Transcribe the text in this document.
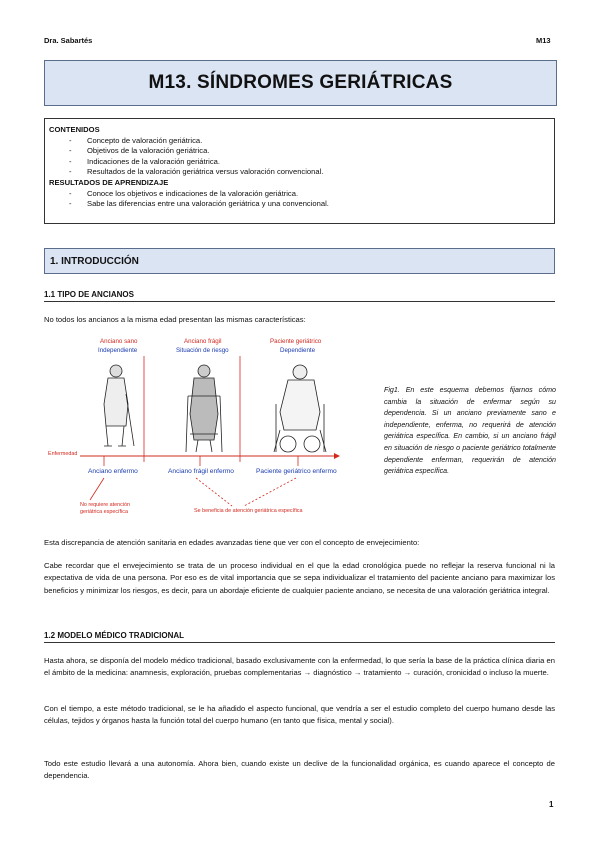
Dra. Sabartés	M13
M13. SÍNDROMES GERIÁTRICAS
CONTENIDOS
- Concepto de valoración geriátrica.
- Objetivos de la valoración geriátrica.
- Indicaciones de la valoración geriátrica.
- Resultados de la valoración geriátrica versus valoración convencional.
RESULTADOS DE APRENDIZAJE
- Conoce los objetivos e indicaciones de la valoración geriátrica.
- Sabe las diferencias entre una valoración geriátrica y una convencional.
1. INTRODUCCIÓN
1.1 TIPO DE ANCIANOS
No todos los ancianos a la misma edad presentan las mismas características:
Anciano sano
Independiente
Anciano frágil
Situación de riesgo
Paciente geriátrico
Dependiente
Enfermedad
Anciano enfermo	Anciano frágil enfermo	Paciente geriátrico enfermo
No requiere atención
geriátrica específica	Se beneficia de atención geriátrica específica
Fig1. En este esquema debemos fijarnos cómo cambia la situación de enfermar según su dependencia. Si un anciano previamente sano e independiente, enferma, no requerirá de atención geriátrica específica. En cambio, si un anciano frágil en situación de riesgo o paciente geriátrico totalmente dependiente enferman, requerirán de atención geriátrica específica.
Esta discrepancia de atención sanitaria en edades avanzadas tiene que ver con el concepto de envejecimiento:
Cabe recordar que el envejecimiento se trata de un proceso individual en el que la edad cronológica puede no reflejar la reserva funcional ni la expectativa de vida de una persona. Por eso es de vital importancia que se sepa individualizar el tratamiento del paciente anciano para maximizar los beneficios y minimizar los riesgos, es decir, para un abordaje eficiente de cualquier paciente anciano, se necesita de una valoración geriátrica integral.
1.2 MODELO MÉDICO TRADICIONAL
Hasta ahora, se disponía del modelo médico tradicional, basado exclusivamente con la enfermedad, lo que sería la base de la práctica clínica diaria en el ámbito de la medicina: anamnesis, exploración, pruebas complementarias → diagnóstico → tratamiento → curación, cronicidad o incluso la muerte.
Con el tiempo, a este método tradicional, se le ha añadido el aspecto funcional, que vendría a ser el estudio completo del cuerpo humano desde las células, tejidos y órganos hasta la función total del cuerpo humano (en tanto que física, mental y social).
Todo este estudio llevará a una autonomía. Ahora bien, cuando existe un declive de la funcionalidad orgánica, es cuando aparece el concepto de dependencia.
1
